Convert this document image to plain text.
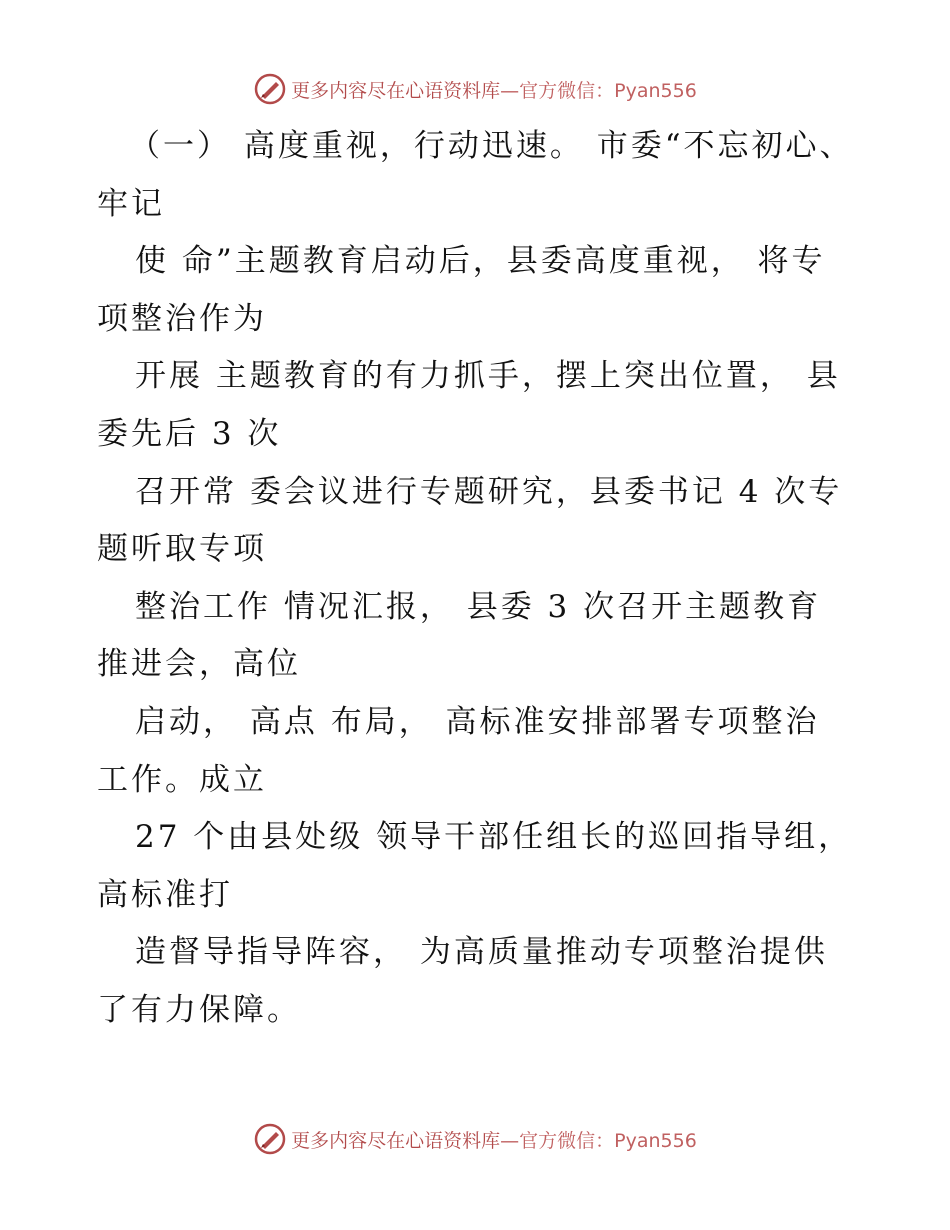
更多内容尽在心语资料库 —官方微信：Pyan556
（一） 高度重视，行动迅速。 市委“不忘初心、
牢记
使 命”主题教育启动后，县委高度重视， 将专
项整治作为
开展 主题教育的有力抓手，摆上突出位置， 县
委先后 3 次
召开常 委会议进行专题研究，县委书记 4 次专
题听取专项
整治工作 情况汇报， 县委 3 次召开主题教育
推进会，高位
启动， 高点 布局， 高标准安排部署专项整治
工作。成立
27 个由县处级 领导干部任组长的巡回指导组，
高标准打
造督导指导阵容， 为高质量推动专项整治提供
了有力保障。
更多内容尽在心语资料库 —官方微信：Pyan556
